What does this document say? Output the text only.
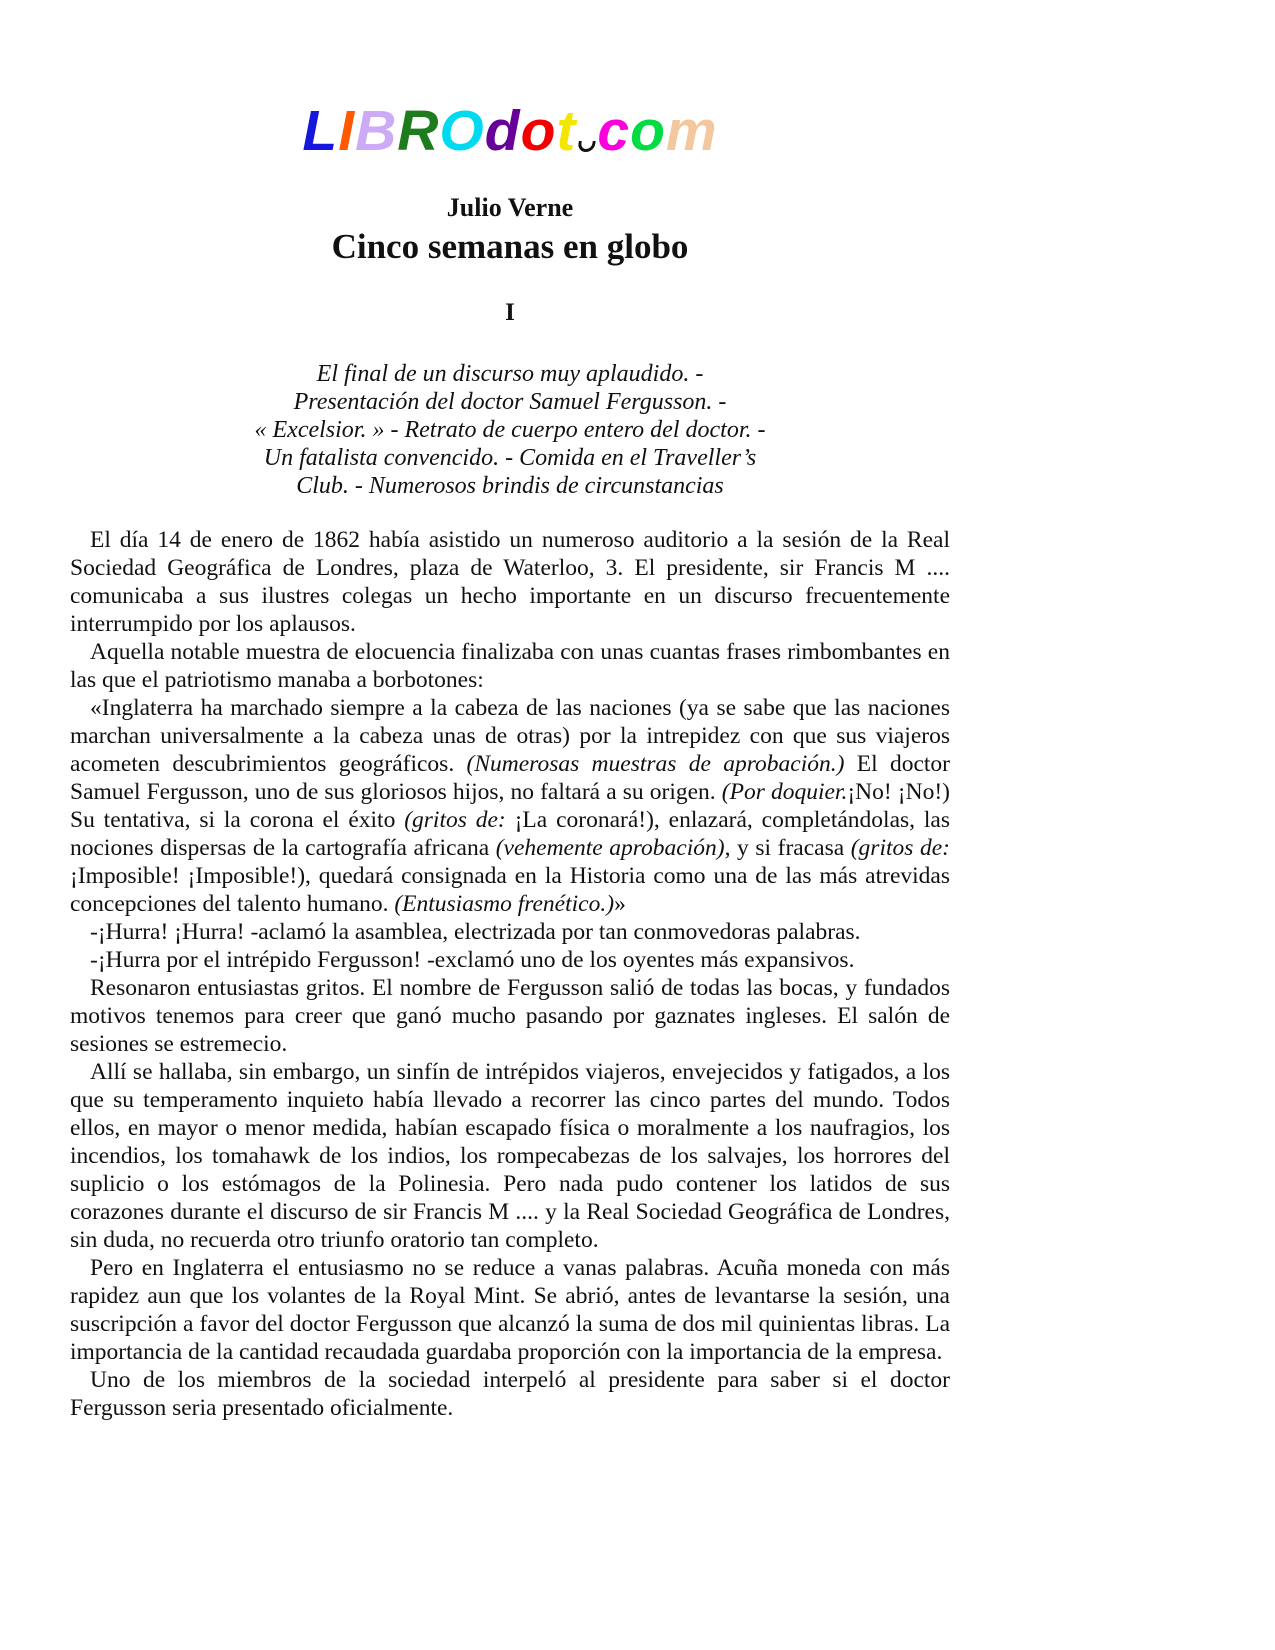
LIBROdot com
Julio Verne
Cinco semanas en globo
I
El final de un discurso muy aplaudido. -
Presentación del doctor Samuel Fergusson. -
« Excelsior. » - Retrato de cuerpo entero del doctor. -
Un fatalista convencido. - Comida en el Traveller’s
Club. - Numerosos brindis de circunstancias

El día 14 de enero de 1862 había asistido un numeroso auditorio a la sesión de la Real Sociedad Geográfica de Londres, plaza de Waterloo, 3. El presidente, sir Francis M .... comunicaba a sus ilustres colegas un hecho importante en un discurso frecuentemente interrumpido por los aplausos.

Aquella notable muestra de elocuencia finalizaba con unas cuantas frases rimbombantes en las que el patriotismo manaba a borbotones:

«Inglaterra ha marchado siempre a la cabeza de las naciones (ya se sabe que las naciones marchan universalmente a la cabeza unas de otras) por la intrepidez con que sus viajeros acometen descubrimientos geográficos. (Numerosas muestras de aprobación.) El doctor Samuel Fergusson, uno de sus gloriosos hijos, no faltará a su origen. (Por doquier.¡No! ¡No!) Su tentativa, si la corona el éxito (gritos de: ¡La coronará!), enlazará, completándolas, las nociones dispersas de la cartografía africana (vehemente aprobación), y si fracasa (gritos de: ¡Imposible! ¡Imposible!), quedará consignada en la Historia como una de las más atrevidas concepciones del talento humano. (Entusiasmo frenético.)»

-¡Hurra! ¡Hurra! -aclamó la asamblea, electrizada por tan conmovedoras palabras.

-¡Hurra por el intrépido Fergusson! -exclamó uno de los oyentes más expansivos.

Resonaron entusiastas gritos. El nombre de Fergusson salió de todas las bocas, y fundados motivos tenemos para creer que ganó mucho pasando por gaznates ingleses. El salón de sesiones se estremecio.

Allí se hallaba, sin embargo, un sinfín de intrépidos viajeros, envejecidos y fatigados, a los que su temperamento inquieto había llevado a recorrer las cinco partes del mundo. Todos ellos, en mayor o menor medida, habían escapado física o moralmente a los naufragios, los incendios, los tomahawk de los indios, los rompecabezas de los salvajes, los horrores del suplicio o los estómagos de la Polinesia. Pero nada pudo contener los latidos de sus corazones durante el discurso de sir Francis M .... y la Real Sociedad Geográfica de Londres, sin duda, no recuerda otro triunfo oratorio tan completo.

Pero en Inglaterra el entusiasmo no se reduce a vanas palabras. Acuña moneda con más rapidez aun que los volantes de la Royal Mint. Se abrió, antes de levantarse la sesión, una suscripción a favor del doctor Fergusson que alcanzó la suma de dos mil quinientas libras. La importancia de la cantidad recaudada guardaba proporción con la importancia de la empresa.

Uno de los miembros de la sociedad interpeló al presidente para saber si el doctor Fergusson seria presentado oficialmente.
